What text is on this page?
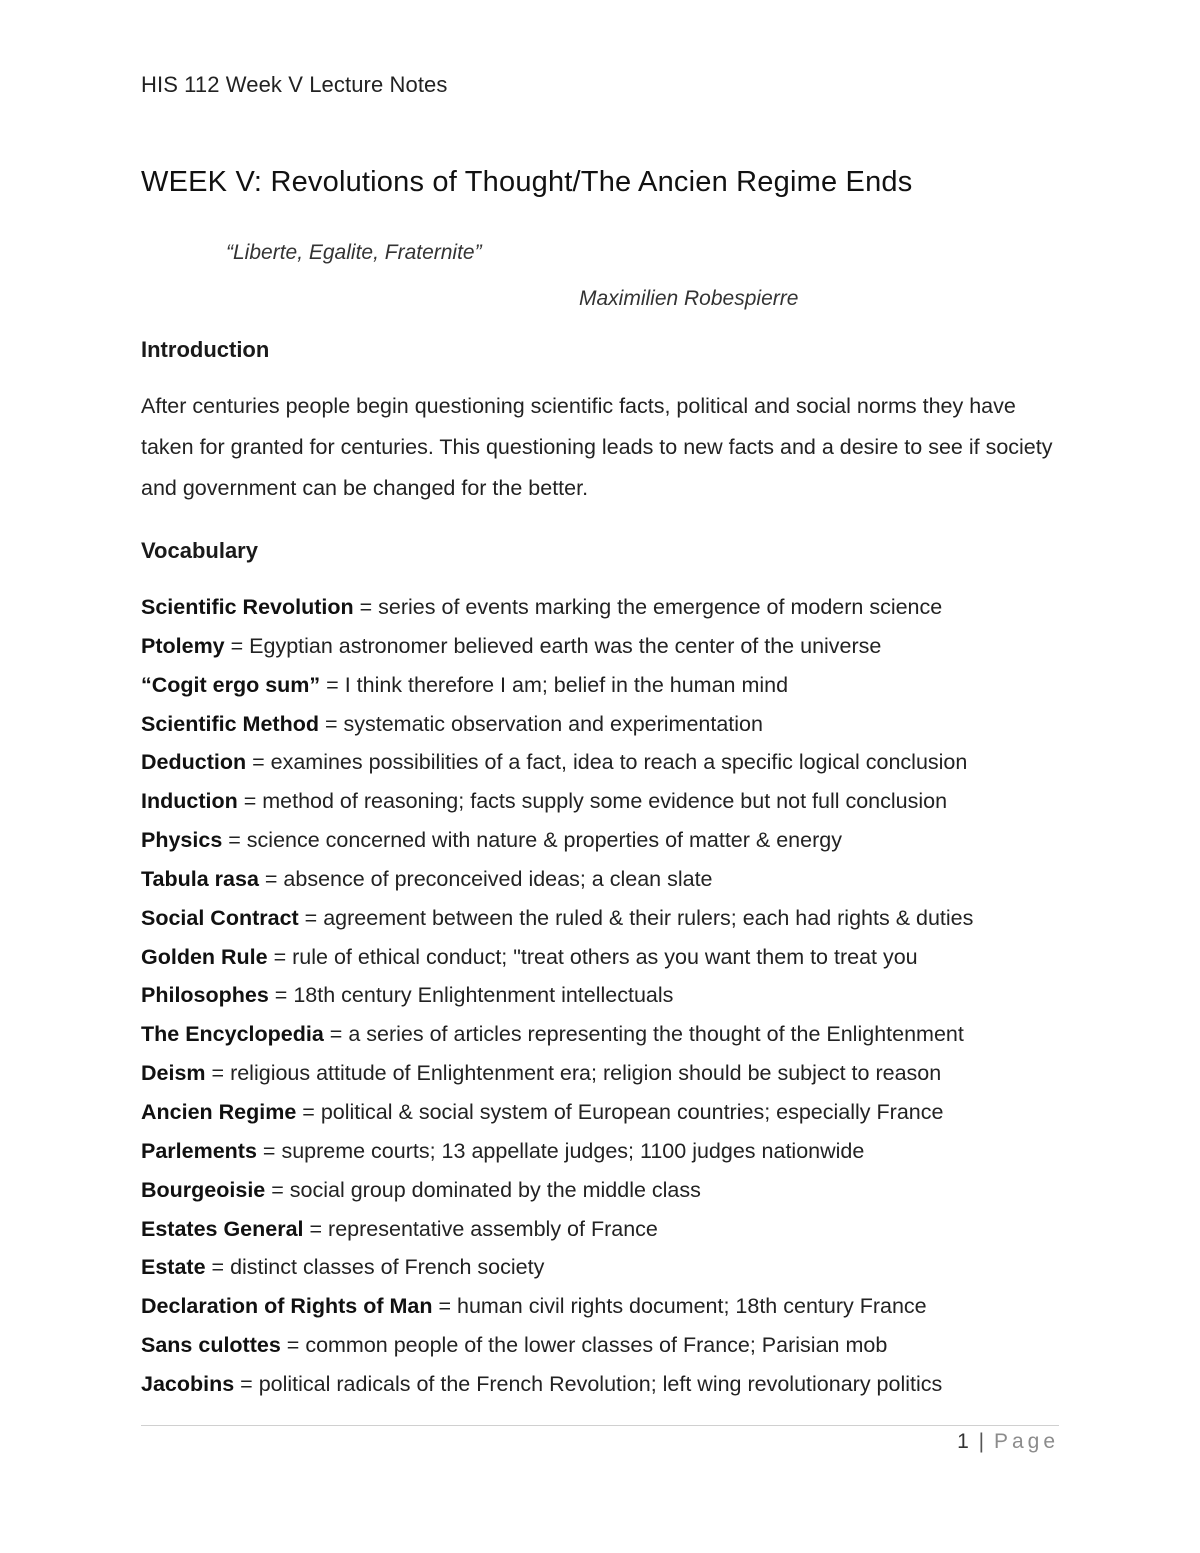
HIS 112 Week V Lecture Notes
WEEK V: Revolutions of Thought/The Ancien Regime Ends
“Liberte, Egalite, Fraternite”
Maximilien Robespierre
Introduction
After centuries people begin questioning scientific facts, political and social norms they have taken for granted for centuries. This questioning leads to new facts and a desire to see if society and government can be changed for the better.
Vocabulary
Scientific Revolution = series of events marking the emergence of modern science
Ptolemy = Egyptian astronomer believed earth was the center of the universe
“Cogit ergo sum” = I think therefore I am; belief in the human mind
Scientific Method = systematic observation and experimentation
Deduction = examines possibilities of a fact, idea to reach a specific logical conclusion
Induction = method of reasoning; facts supply some evidence but not full conclusion
Physics = science concerned with nature & properties of matter & energy
Tabula rasa = absence of preconceived ideas; a clean slate
Social Contract = agreement between the ruled & their rulers; each had rights & duties
Golden Rule = rule of ethical conduct; "treat others as you want them to treat you
Philosophes = 18th century Enlightenment intellectuals
The Encyclopedia = a series of articles representing the thought of the Enlightenment
Deism = religious attitude of Enlightenment era; religion should be subject to reason
Ancien Regime = political & social system of European countries; especially France
Parlements = supreme courts; 13 appellate judges; 1100 judges nationwide
Bourgeoisie = social group dominated by the middle class
Estates General = representative assembly of France
Estate = distinct classes of French society
Declaration of Rights of Man = human civil rights document; 18th century France
Sans culottes = common people of the lower classes of France; Parisian mob
Jacobins = political radicals of the French Revolution; left wing revolutionary politics
1 | Page
